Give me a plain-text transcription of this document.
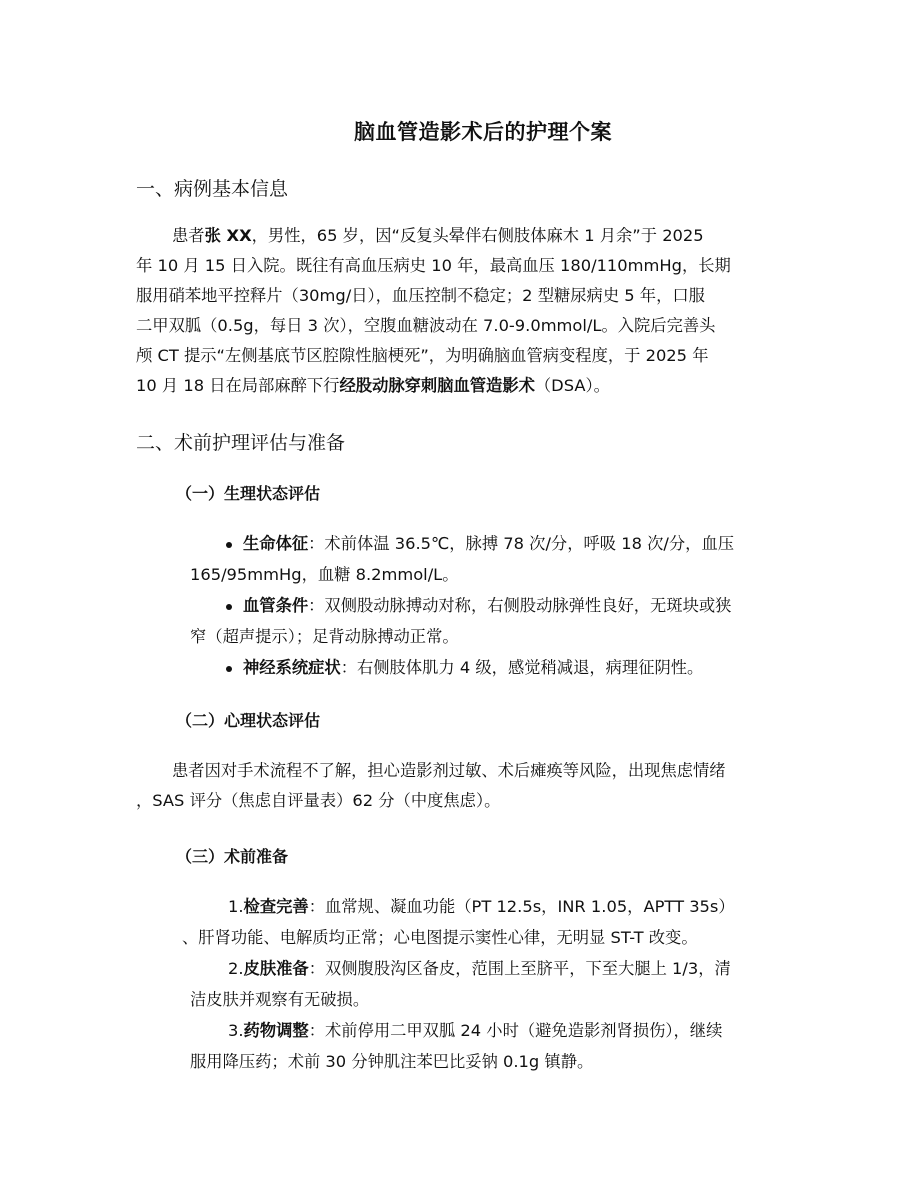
脑血管造影术后的护理个案
一、病例基本信息
患者张 XX，男性，65 岁，因“反复头晕伴右侧肢体麻木 1 月余”于 2025
年 10 月 15 日入院。既往有高血压病史 10 年，最高血压 180/110mmHg，长期
服用硝苯地平控释片（30mg/日），血压控制不稳定；2 型糖尿病史 5 年，口服
二甲双胍（0.5g，每日 3 次），空腹血糖波动在 7.0-9.0mmol/L。入院后完善头
颅 CT 提示“左侧基底节区腔隙性脑梗死”，为明确脑血管病变程度，于 2025 年
10 月 18 日在局部麻醉下行经股动脉穿刺脑血管造影术（DSA）。
二、术前护理评估与准备
（一）生理状态评估
生命体征：术前体温 36.5℃，脉搏 78 次/分，呼吸 18 次/分，血压
165/95mmHg，血糖 8.2mmol/L。
血管条件：双侧股动脉搏动对称，右侧股动脉弹性良好，无斑块或狭
窄（超声提示）；足背动脉搏动正常。
神经系统症状：右侧肢体肌力 4 级，感觉稍减退，病理征阴性。
（二）心理状态评估
患者因对手术流程不了解，担心造影剂过敏、术后瘫痪等风险，出现焦虑情绪
，SAS 评分（焦虑自评量表）62 分（中度焦虑）。
（三）术前准备
1.检查完善：血常规、凝血功能（PT 12.5s，INR 1.05，APTT 35s）
、肝肾功能、电解质均正常；心电图提示窦性心律，无明显 ST-T 改变。
2.皮肤准备：双侧腹股沟区备皮，范围上至脐平，下至大腿上 1/3，清
洁皮肤并观察有无破损。
3.药物调整：术前停用二甲双胍 24 小时（避免造影剂肾损伤），继续
服用降压药；术前 30 分钟肌注苯巴比妥钠 0.1g 镇静。
